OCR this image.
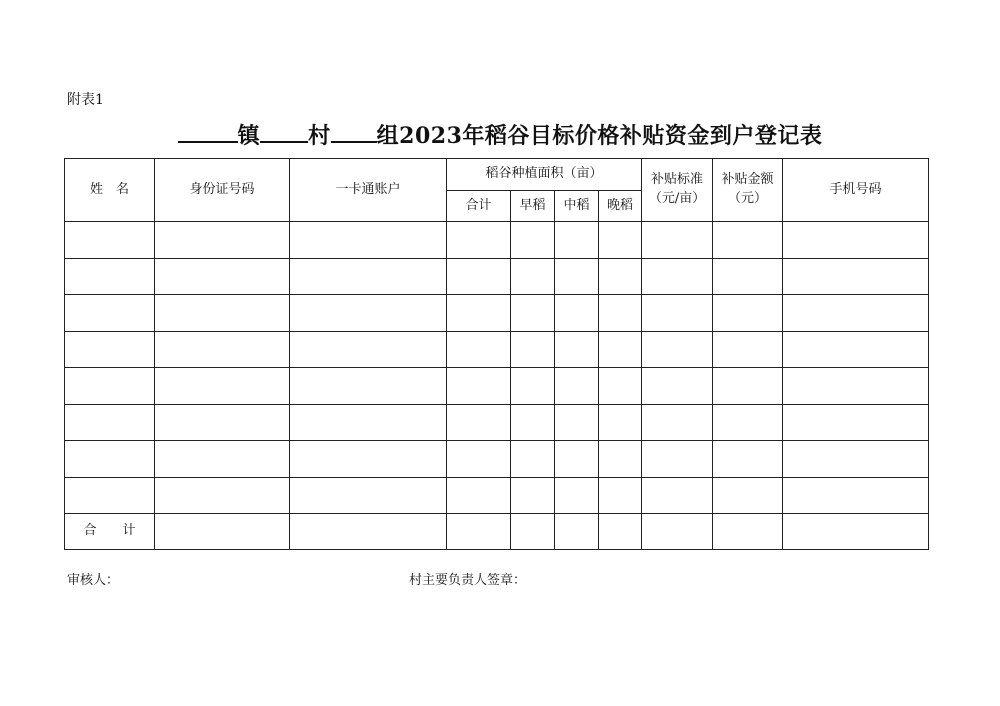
附表1
镇 村 组2023年稻谷目标价格补贴资金到户登记表
姓　名	身份证号码	一卡通账户	稻谷种植面积（亩）				补贴标准（元/亩）	补贴金额（元）	手机号码
			合计	早稻	中稻	晚稻			

合　　计									
审核人：	村主要负责人签章：
